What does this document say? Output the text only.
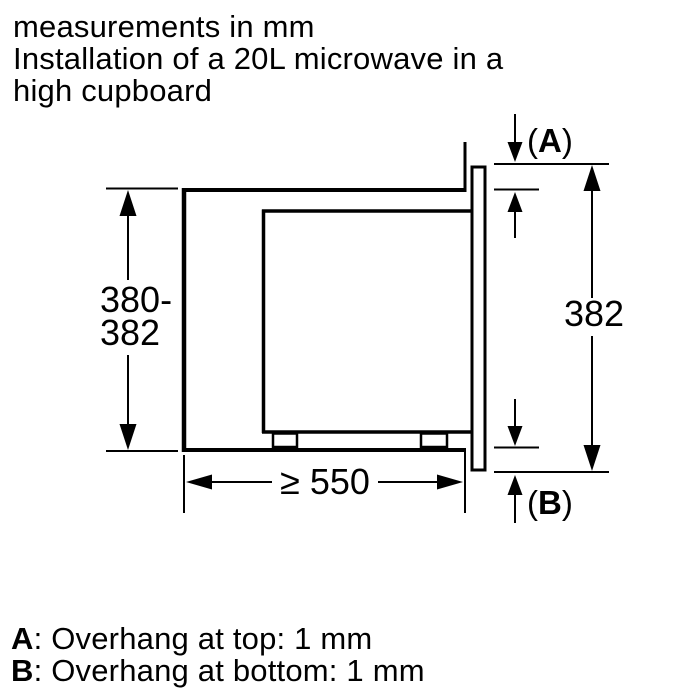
measurements in mm
Installation of a 20L microwave in a
high cupboard
380-
382	382
(A)
(B)
≥ 550
A: Overhang at top: 1 mm
B: Overhang at bottom: 1 mm
